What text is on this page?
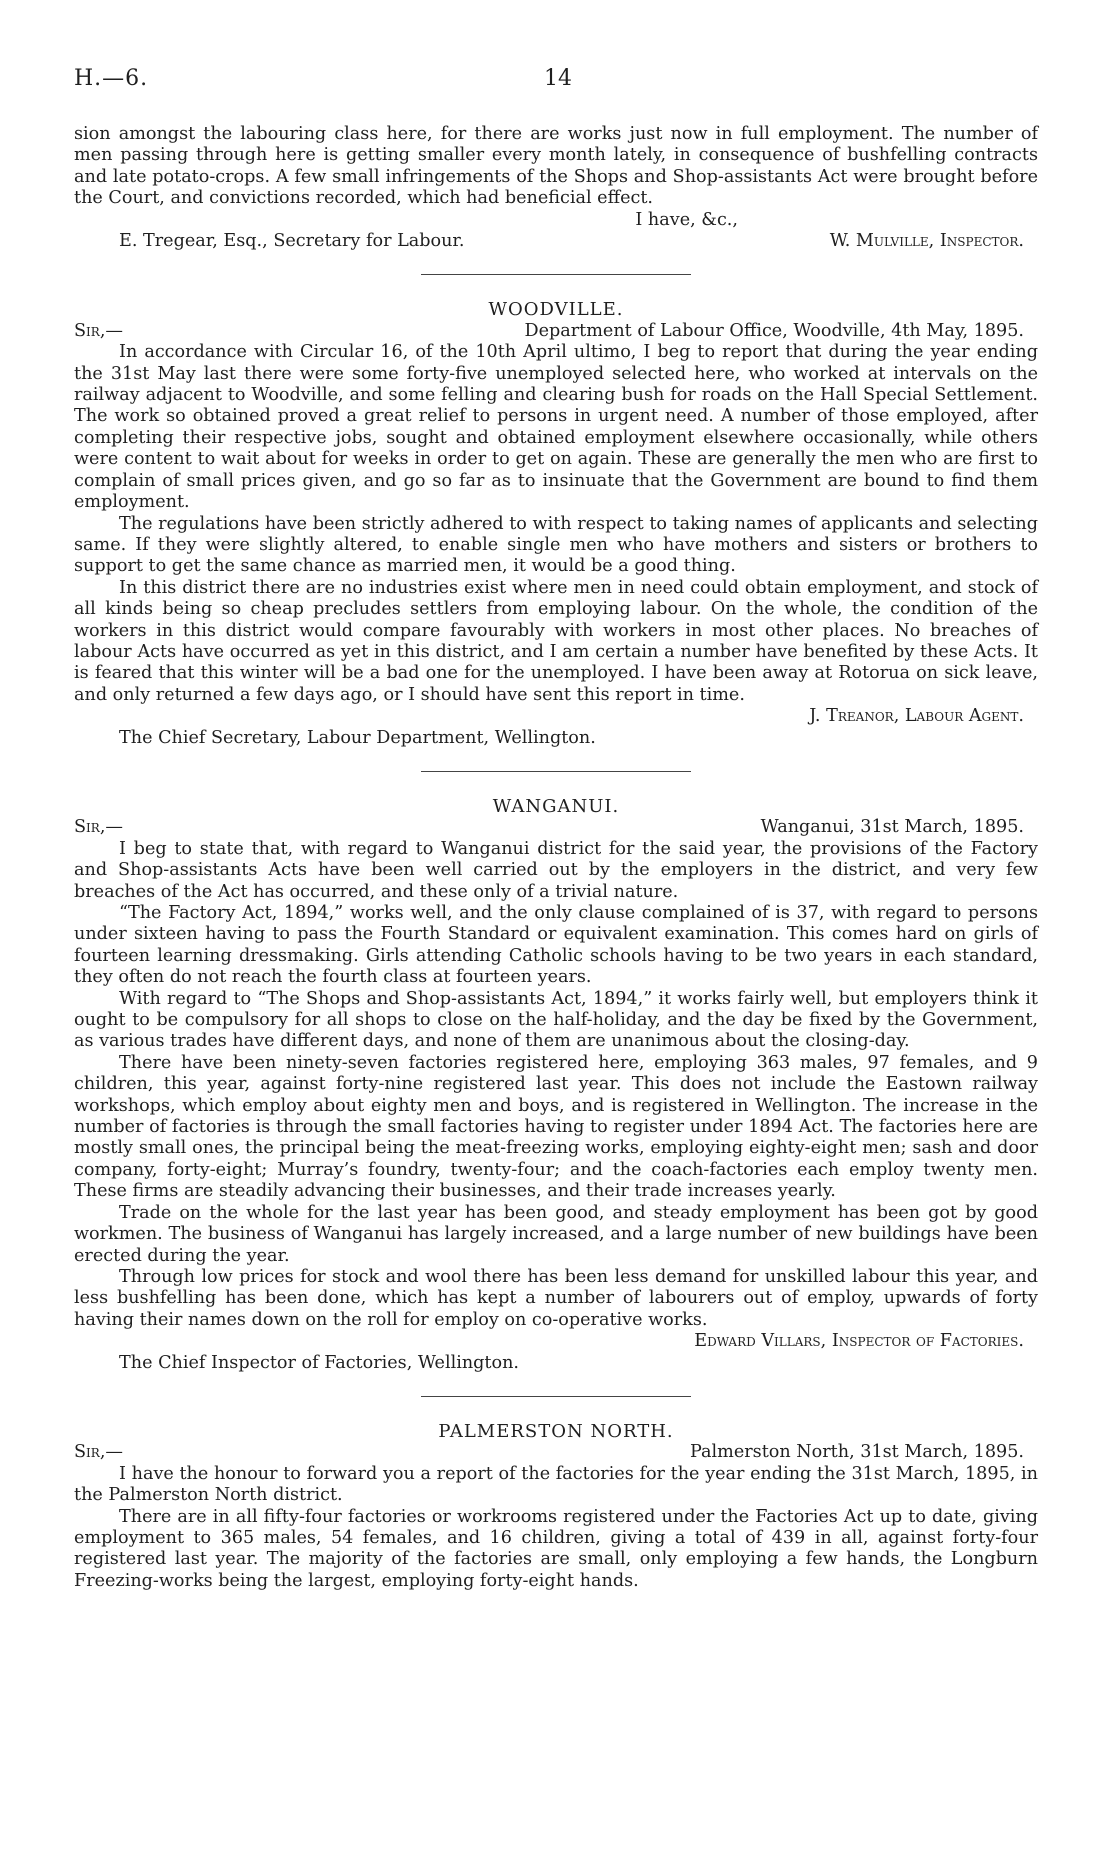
H.—6.	14

sion amongst the labouring class here, for there are works just now in full employment. The number of men passing through here is getting smaller every month lately, in consequence of bushfelling contracts and late potato-crops. A few small infringements of the Shops and Shop-assistants Act were brought before the Court, and convictions recorded, which had beneficial effect.

I have, &c.,

E. Tregear, Esq., Secretary for Labour.	W. Mulville, Inspector.

WOODVILLE.

Sir,—	Department of Labour Office, Woodville, 4th May, 1895.

In accordance with Circular 16, of the 10th April ultimo, I beg to report that during the year ending the 31st May last there were some forty-five unemployed selected here, who worked at intervals on the railway adjacent to Woodville, and some felling and clearing bush for roads on the Hall Special Settlement. The work so obtained proved a great relief to persons in urgent need. A number of those employed, after completing their respective jobs, sought and obtained employment elsewhere occasionally, while others were content to wait about for weeks in order to get on again. These are generally the men who are first to complain of small prices given, and go so far as to insinuate that the Government are bound to find them employment.

The regulations have been strictly adhered to with respect to taking names of applicants and selecting same. If they were slightly altered, to enable single men who have mothers and sisters or brothers to support to get the same chance as married men, it would be a good thing.

In this district there are no industries exist where men in need could obtain employment, and stock of all kinds being so cheap precludes settlers from employing labour. On the whole, the condition of the workers in this district would compare favourably with workers in most other places. No breaches of labour Acts have occurred as yet in this district, and I am certain a number have benefited by these Acts. It is feared that this winter will be a bad one for the unemployed. I have been away at Rotorua on sick leave, and only returned a few days ago, or I should have sent this report in time.

J. Treanor, Labour Agent.

The Chief Secretary, Labour Department, Wellington.

WANGANUI.

Sir,—	Wanganui, 31st March, 1895.

I beg to state that, with regard to Wanganui district for the said year, the provisions of the Factory and Shop-assistants Acts have been well carried out by the employers in the district, and very few breaches of the Act has occurred, and these only of a trivial nature.

“The Factory Act, 1894,” works well, and the only clause complained of is 37, with regard to persons under sixteen having to pass the Fourth Standard or equivalent examination. This comes hard on girls of fourteen learning dressmaking. Girls attending Catholic schools having to be two years in each standard, they often do not reach the fourth class at fourteen years.

With regard to “The Shops and Shop-assistants Act, 1894,” it works fairly well, but employers think it ought to be compulsory for all shops to close on the half-holiday, and the day be fixed by the Government, as various trades have different days, and none of them are unanimous about the closing-day.

There have been ninety-seven factories registered here, employing 363 males, 97 females, and 9 children, this year, against forty-nine registered last year. This does not include the Eastown railway workshops, which employ about eighty men and boys, and is registered in Wellington. The increase in the number of factories is through the small factories having to register under 1894 Act. The factories here are mostly small ones, the principal being the meat-freezing works, employing eighty-eight men; sash and door company, forty-eight; Murray’s foundry, twenty-four; and the coach-factories each employ twenty men. These firms are steadily advancing their businesses, and their trade increases yearly.

Trade on the whole for the last year has been good, and steady employment has been got by good workmen. The business of Wanganui has largely increased, and a large number of new buildings have been erected during the year.

Through low prices for stock and wool there has been less demand for unskilled labour this year, and less bushfelling has been done, which has kept a number of labourers out of employ, upwards of forty having their names down on the roll for employ on co-operative works.

Edward Villars, Inspector of Factories.

The Chief Inspector of Factories, Wellington.

PALMERSTON NORTH.

Sir,—	Palmerston North, 31st March, 1895.

I have the honour to forward you a report of the factories for the year ending the 31st March, 1895, in the Palmerston North district.

There are in all fifty-four factories or workrooms registered under the Factories Act up to date, giving employment to 365 males, 54 females, and 16 children, giving a total of 439 in all, against forty-four registered last year. The majority of the factories are small, only employing a few hands, the Longburn Freezing-works being the largest, employing forty-eight hands.
